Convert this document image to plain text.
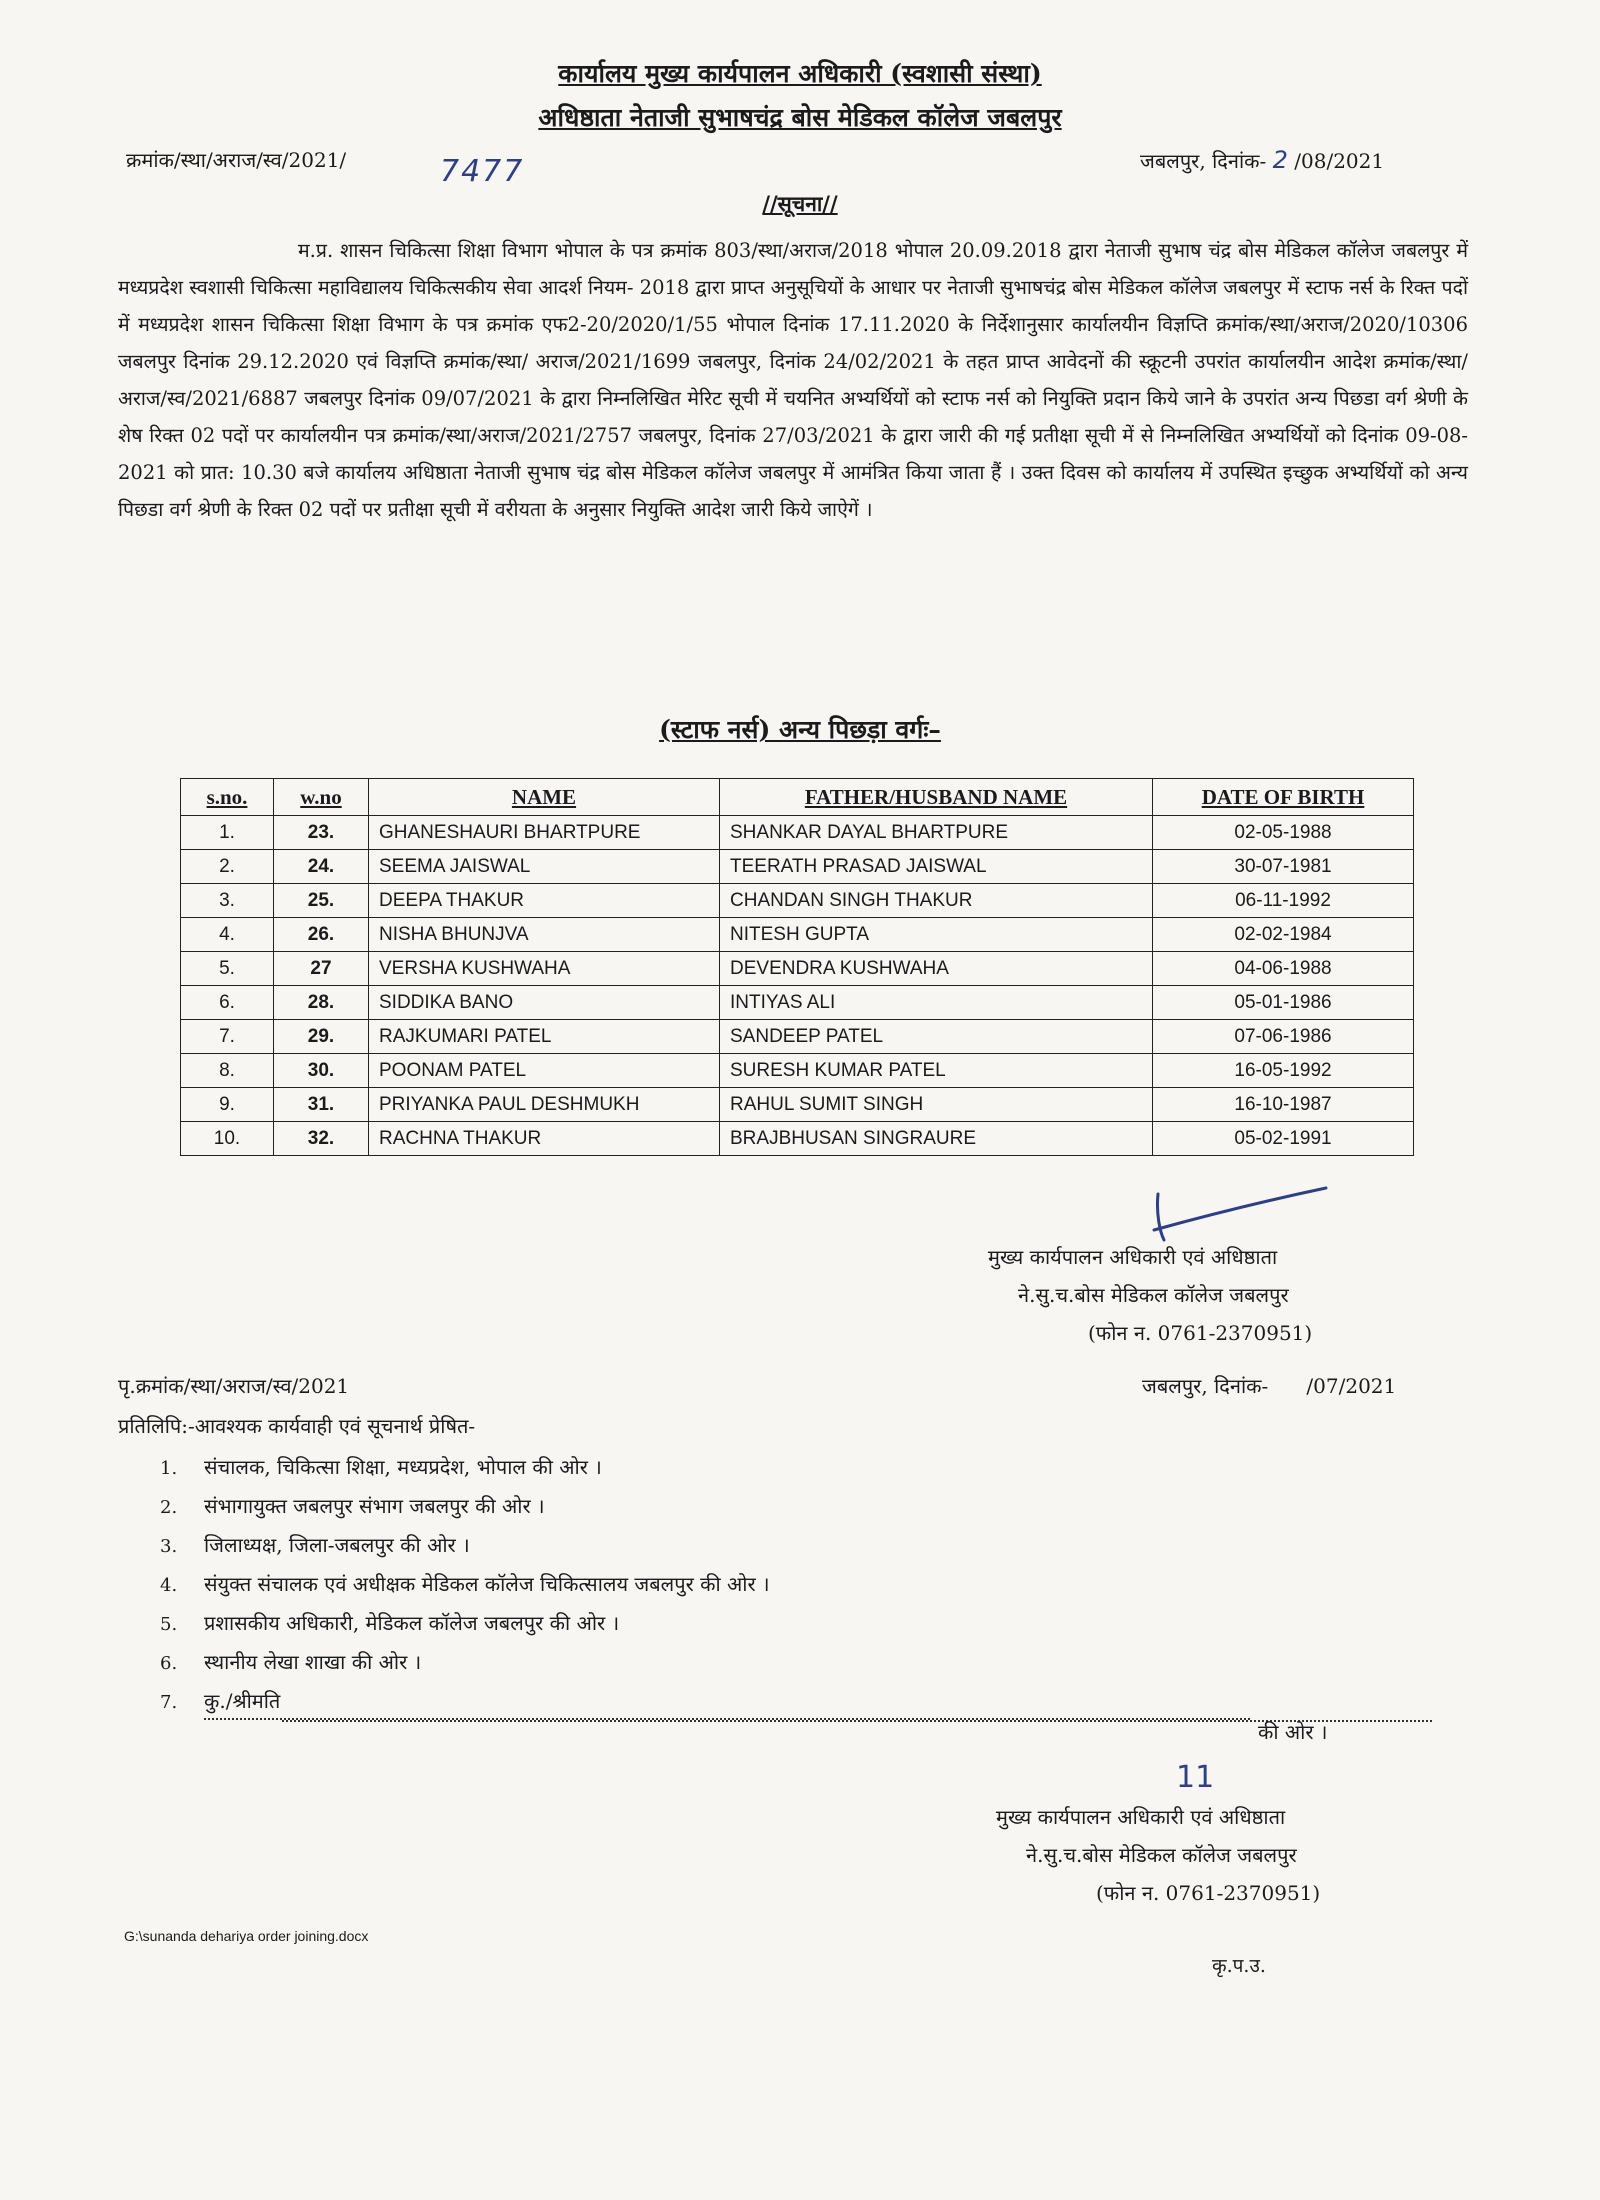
कार्यालय मुख्य कार्यपालन अधिकारी (स्वशासी संस्था)
अधिष्ठाता नेताजी सुभाषचंद्र बोस मेडिकल कॉलेज जबलपुर
क्रमांक/स्था/अराज/स्व/2021/	7477	जबलपुर, दिनांक- 2 /08/2021
//सूचना//
म.प्र. शासन चिकित्सा शिक्षा विभाग भोपाल के पत्र क्रमांक 803/स्था/अराज/2018 भोपाल 20.09.2018 द्वारा नेताजी सुभाष चंद्र बोस मेडिकल कॉलेज जबलपुर में मध्यप्रदेश स्वशासी चिकित्सा महाविद्यालय चिकित्सकीय सेवा आदर्श नियम- 2018 द्वारा प्राप्त अनुसूचियों के आधार पर नेताजी सुभाषचंद्र बोस मेडिकल कॉलेज जबलपुर में स्टाफ नर्स के रिक्त पदों में मध्यप्रदेश शासन चिकित्सा शिक्षा विभाग के पत्र क्रमांक एफ2-20/2020/1/55 भोपाल दिनांक 17.11.2020 के निर्देशानुसार कार्यालयीन विज्ञप्ति क्रमांक/स्था/अराज/2020/10306 जबलपुर दिनांक 29.12.2020 एवं विज्ञप्ति क्रमांक/स्था/ अराज/2021/1699 जबलपुर, दिनांक 24/02/2021 के तहत प्राप्त आवेदनों की स्क्रूटनी उपरांत कार्यालयीन आदेश क्रमांक/स्था/अराज/स्व/2021/6887 जबलपुर दिनांक 09/07/2021 के द्वारा निम्नलिखित मेरिट सूची में चयनित अभ्यर्थियों को स्टाफ नर्स को नियुक्ति प्रदान किये जाने के उपरांत अन्य पिछडा वर्ग श्रेणी के शेष रिक्त 02 पदों पर कार्यालयीन पत्र क्रमांक/स्था/अराज/2021/2757 जबलपुर, दिनांक 27/03/2021 के द्वारा जारी की गई प्रतीक्षा सूची में से निम्नलिखित अभ्यर्थियों को दिनांक 09-08-2021 को प्रात: 10.30 बजे कार्यालय अधिष्ठाता नेताजी सुभाष चंद्र बोस मेडिकल कॉलेज जबलपुर में आमंत्रित किया जाता हैं । उक्त दिवस को कार्यालय में उपस्थित इच्छुक अभ्यर्थियों को अन्य पिछडा वर्ग श्रेणी के रिक्त 02 पदों पर प्रतीक्षा सूची में वरीयता के अनुसार नियुक्ति आदेश जारी किये जाऐगें ।
(स्टाफ नर्स) अन्य पिछड़ा वर्गः–
s.no.	w.no	NAME	FATHER/HUSBAND NAME	DATE OF BIRTH
1.	23.	GHANESHAURI BHARTPURE	SHANKAR DAYAL BHARTPURE	02-05-1988
2.	24.	SEEMA JAISWAL	TEERATH PRASAD JAISWAL	30-07-1981
3.	25.	DEEPA THAKUR	CHANDAN SINGH THAKUR	06-11-1992
4.	26.	NISHA BHUNJVA	NITESH GUPTA	02-02-1984
5.	27	VERSHA KUSHWAHA	DEVENDRA KUSHWAHA	04-06-1988
6.	28.	SIDDIKA BANO	INTIYAS ALI	05-01-1986
7.	29.	RAJKUMARI PATEL	SANDEEP PATEL	07-06-1986
8.	30.	POONAM PATEL	SURESH KUMAR PATEL	16-05-1992
9.	31.	PRIYANKA PAUL DESHMUKH	RAHUL SUMIT SINGH	16-10-1987
10.	32.	RACHNA THAKUR	BRAJBHUSAN SINGRAURE	05-02-1991
मुख्य कार्यपालन अधिकारी एवं अधिष्ठाता
ने.सु.च.बोस मेडिकल कॉलेज जबलपुर
(फोन न. 0761-2370951)
पृ.क्रमांक/स्था/अराज/स्व/2021	जबलपुर, दिनांक-      /07/2021
प्रतिलिपि:-आवश्यक कार्यवाही एवं सूचनार्थ प्रेषित-
1. संचालक, चिकित्सा शिक्षा, मध्यप्रदेश, भोपाल की ओर ।
2. संभागायुक्त जबलपुर संभाग जबलपुर की ओर ।
3. जिलाध्यक्ष, जिला-जबलपुर की ओर ।
4. संयुक्त संचालक एवं अधीक्षक मेडिकल कॉलेज चिकित्सालय जबलपुर की ओर ।
5. प्रशासकीय अधिकारी, मेडिकल कॉलेज जबलपुर की ओर ।
6. स्थानीय लेखा शाखा की ओर ।
7. कु./श्रीमति
की ओर ।
11
मुख्य कार्यपालन अधिकारी एवं अधिष्ठाता
ने.सु.च.बोस मेडिकल कॉलेज जबलपुर
(फोन न. 0761-2370951)
G:\sunanda dehariya order joining.docx
कृ.प.उ.
